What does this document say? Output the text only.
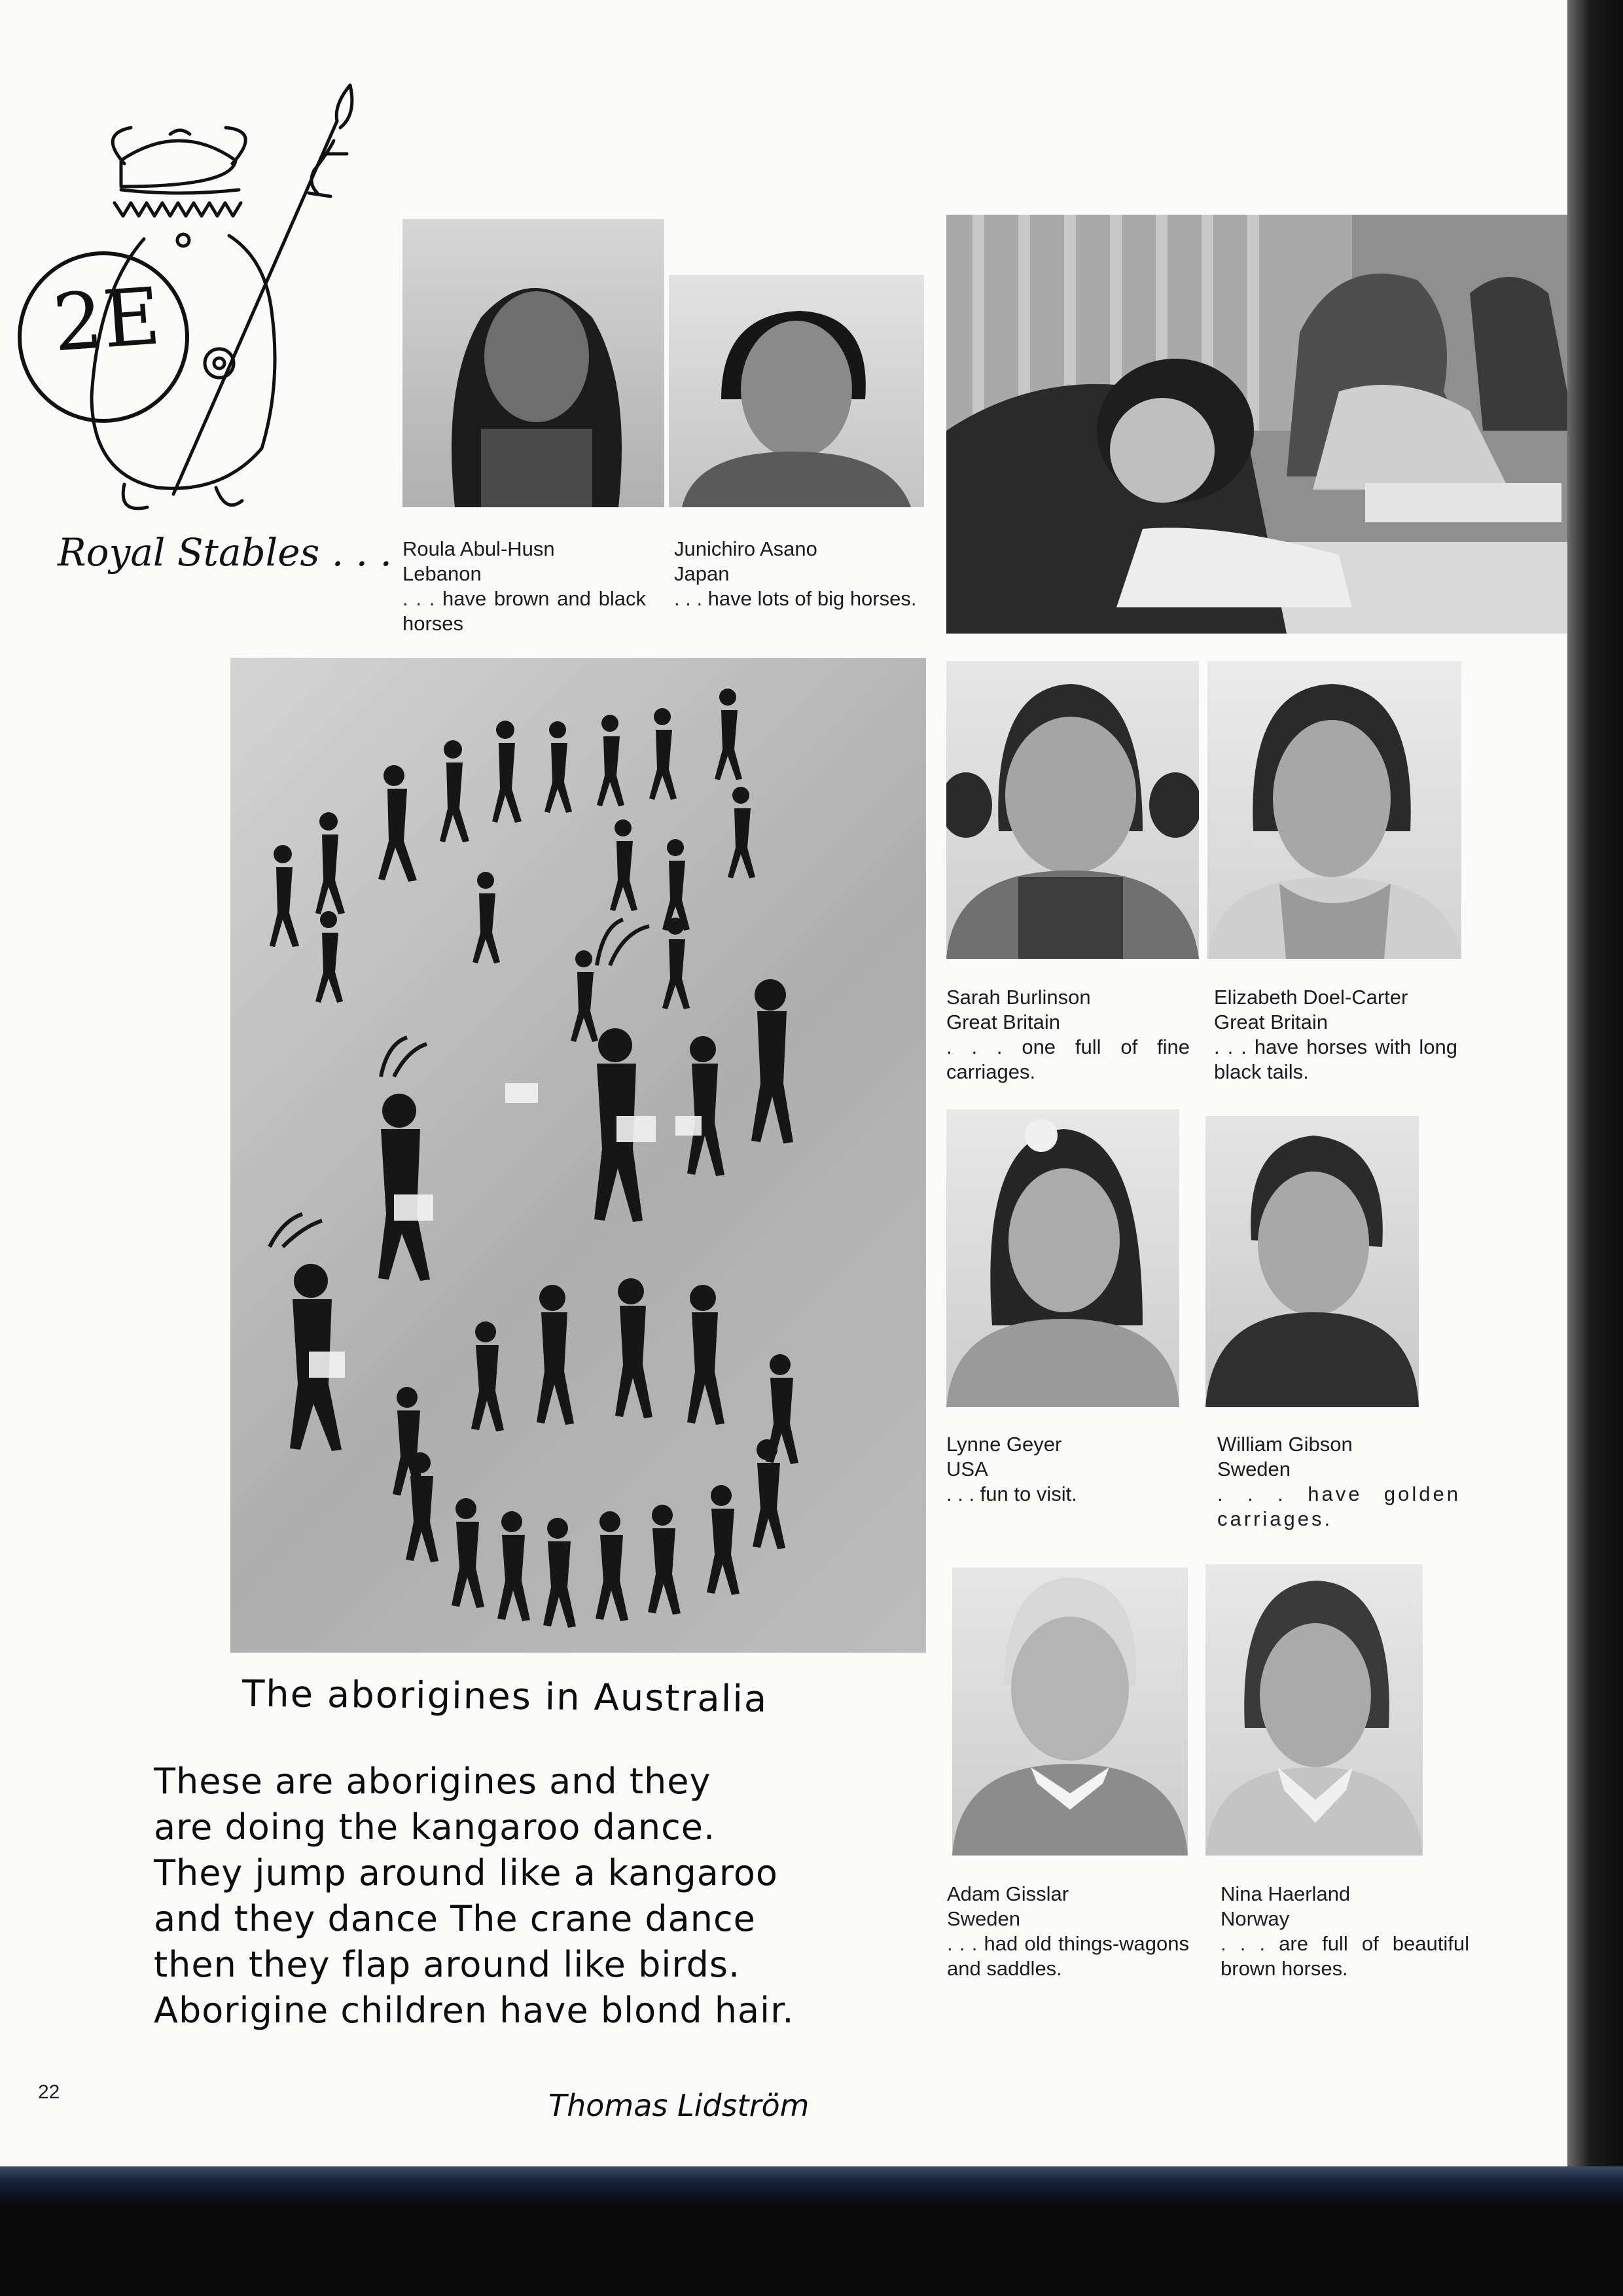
2E
Royal Stables . . . Roula Abul-Husn
Lebanon
. . . have brown and black horses
Junichiro Asano
Japan
. . . have lots of big horses.
Sarah Burlinson
Great Britain
. . . one full of fine carriages.
Elizabeth Doel-Carter
Great Britain
. . . have horses with long black tails.
Lynne Geyer
USA
. . . fun to visit.
William Gibson
Sweden
. . . have golden carriages.
Adam Gisslar
Sweden
. . . had old things-wagons and saddles.
Nina Haerland
Norway
. . . are full of beautiful brown horses.
The aborigines in Australia
These are aborigines and they
are doing the kangaroo dance.
They jump around like a kangaroo
and they dance The crane dance
then they flap around like birds.
Aborigine children have blond hair.
Thomas Lidström
22
